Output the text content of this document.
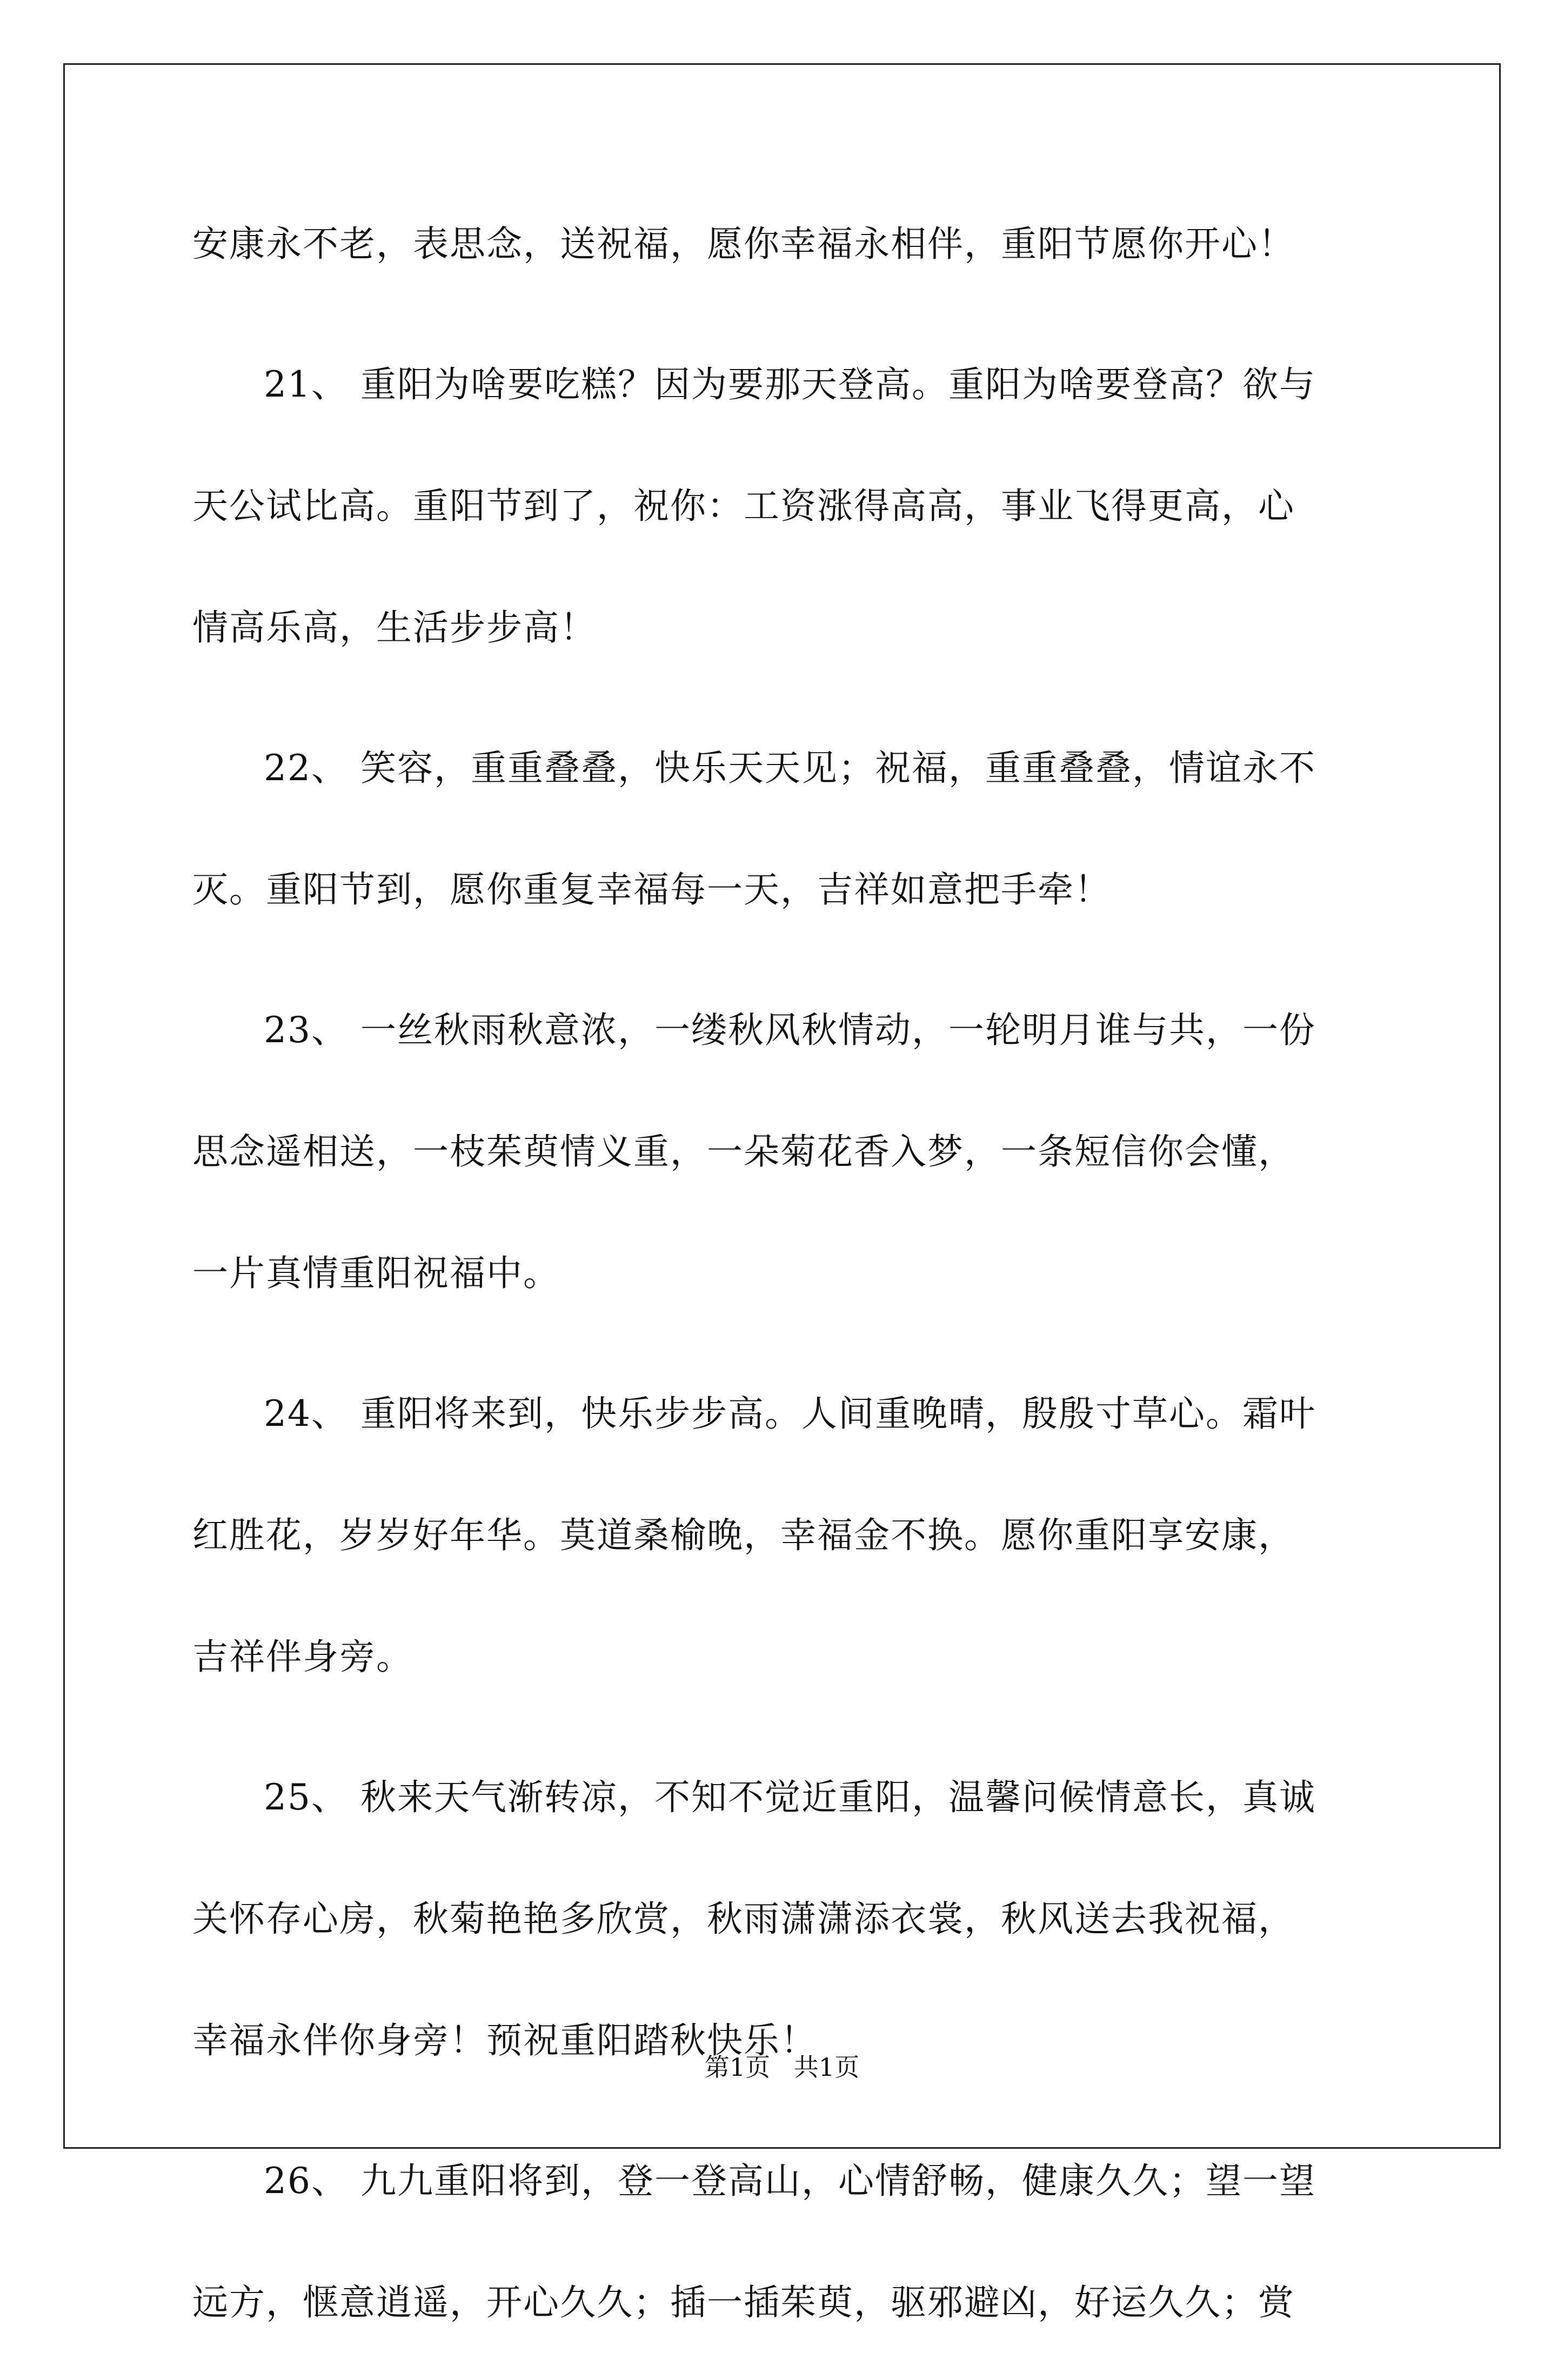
安康永不老，表思念，送祝福，愿你幸福永相伴，重阳节愿你开心！
21、 重阳为啥要吃糕？因为要那天登高。重阳为啥要登高？欲与
天公试比高。重阳节到了，祝你：工资涨得高高，事业飞得更高，心
情高乐高，生活步步高！
22、 笑容，重重叠叠，快乐天天见；祝福，重重叠叠，情谊永不
灭。重阳节到，愿你重复幸福每一天，吉祥如意把手牵！
23、 一丝秋雨秋意浓，一缕秋风秋情动，一轮明月谁与共，一份
思念遥相送，一枝茱萸情义重，一朵菊花香入梦，一条短信你会懂，
一片真情重阳祝福中。
24、 重阳将来到，快乐步步高。人间重晚晴，殷殷寸草心。霜叶
红胜花，岁岁好年华。莫道桑榆晚，幸福金不换。愿你重阳享安康，
吉祥伴身旁。
25、 秋来天气渐转凉，不知不觉近重阳，温馨问候情意长，真诚
关怀存心房，秋菊艳艳多欣赏，秋雨潇潇添衣裳，秋风送去我祝福，
幸福永伴你身旁！预祝重阳踏秋快乐！
26、 九九重阳将到，登一登高山，心情舒畅，健康久久；望一望
远方，惬意逍遥，开心久久；插一插茱萸，驱邪避凶，好运久久；赏
第1页   共1页
